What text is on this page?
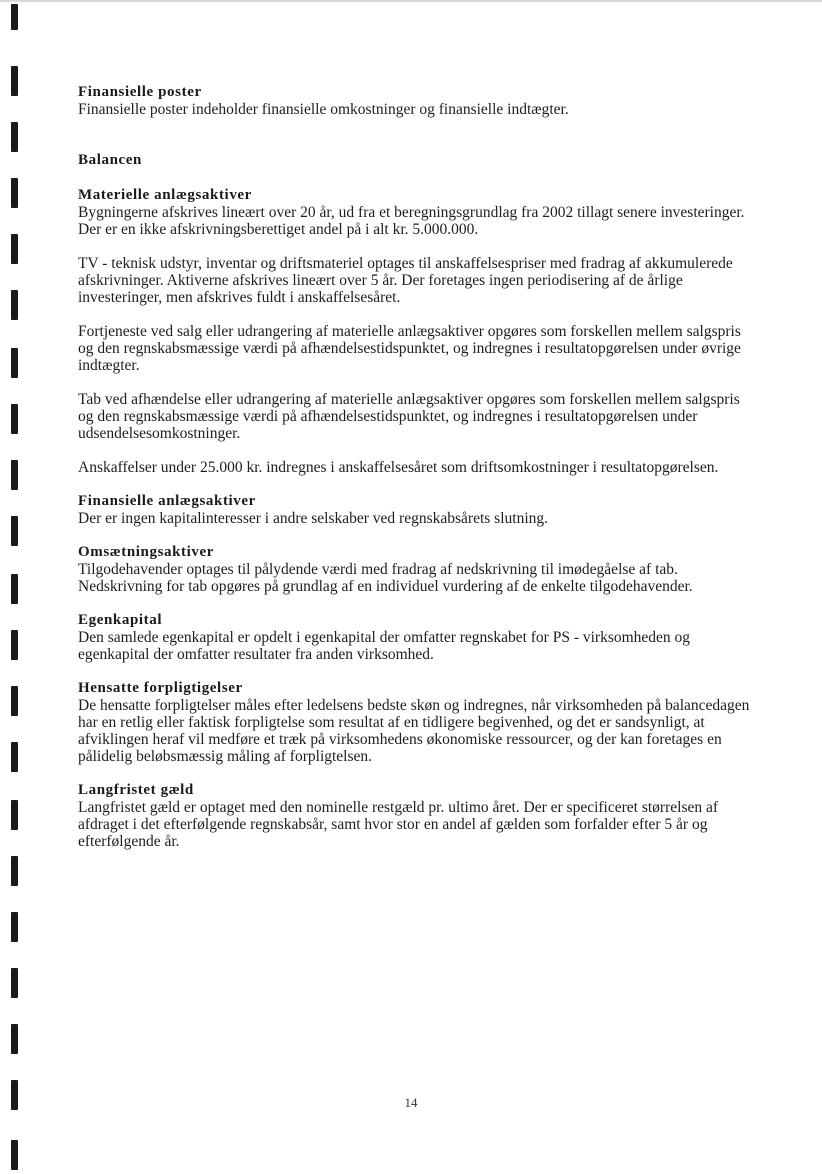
Finansielle poster

Finansielle poster indeholder finansielle omkostninger og finansielle indtægter.

Balancen
Materielle anlægsaktiver

Bygningerne afskrives lineært over 20 år, ud fra et beregningsgrundlag fra 2002 tillagt senere investeringer. Der er en ikke afskrivningsberettiget andel på i alt kr. 5.000.000.

TV - teknisk udstyr, inventar og driftsmateriel optages til anskaffelsespriser med fradrag af akkumulerede afskrivninger. Aktiverne afskrives lineært over 5 år. Der foretages ingen periodisering af de årlige investeringer, men afskrives fuldt i anskaffelsesåret.

Fortjeneste ved salg eller udrangering af materielle anlægsaktiver opgøres som forskellen mellem salgspris og den regnskabsmæssige værdi på afhændelsestidspunktet, og indregnes i resultatopgørelsen under øvrige indtægter.

Tab ved afhændelse eller udrangering af materielle anlægsaktiver opgøres som forskellen mellem salgspris og den regnskabsmæssige værdi på afhændelsestidspunktet, og indregnes i resultatopgørelsen under udsendelsesomkostninger.

Anskaffelser under 25.000 kr. indregnes i anskaffelsesåret som driftsomkostninger i resultatopgørelsen.

Finansielle anlægsaktiver

Der er ingen kapitalinteresser i andre selskaber ved regnskabsårets slutning.

Omsætningsaktiver

Tilgodehavender optages til pålydende værdi med fradrag af nedskrivning til imødegåelse af tab. Nedskrivning for tab opgøres på grundlag af en individuel vurdering af de enkelte tilgodehavender.

Egenkapital

Den samlede egenkapital er opdelt i egenkapital der omfatter regnskabet for PS - virksomheden og egenkapital der omfatter resultater fra anden virksomhed.

Hensatte forpligtigelser

De hensatte forpligtelser måles efter ledelsens bedste skøn og indregnes, når virksomheden på balancedagen har en retlig eller faktisk forpligtelse som resultat af en tidligere begivenhed, og det er sandsynligt, at afviklingen heraf vil medføre et træk på virksomhedens økonomiske ressourcer, og der kan foretages en pålidelig beløbsmæssig måling af forpligtelsen.

Langfristet gæld

Langfristet gæld er optaget med den nominelle restgæld pr. ultimo året. Der er specificeret størrelsen af afdraget i det efterfølgende regnskabsår, samt hvor stor en andel af gælden som forfalder efter 5 år og efterfølgende år.

14
